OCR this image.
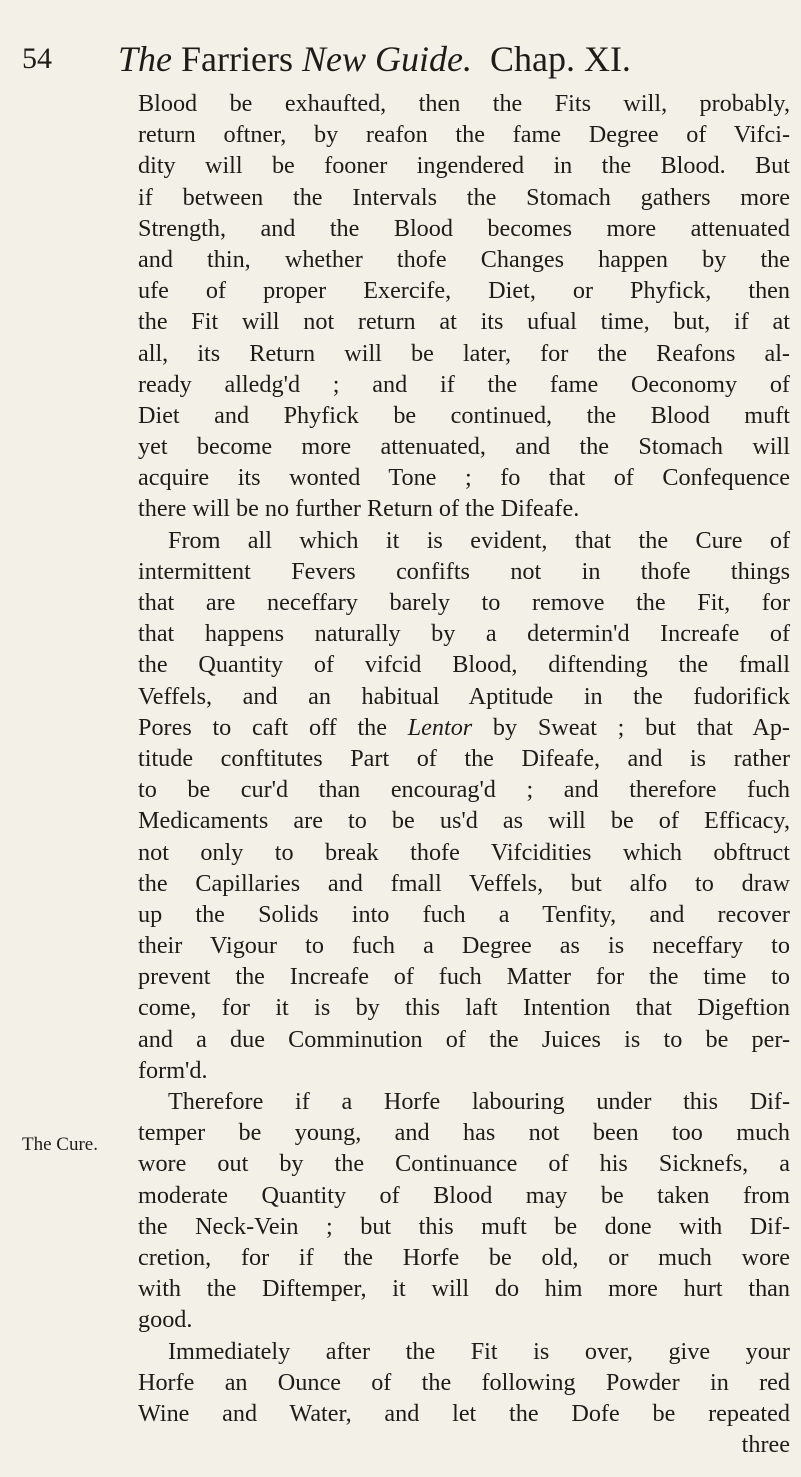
54 The Farriers New Guide. Chap. XI.
The Cure.
Blood be exhaufted, then the Fits will, probably,
return oftner, by reafon the fame Degree of Vifci-
dity will be fooner ingendered in the Blood. But
if between the Intervals the Stomach gathers more
Strength, and the Blood becomes more attenuated
and thin, whether thofe Changes happen by the
ufe of proper Exercife, Diet, or Phyfick, then
the Fit will not return at its ufual time, but, if at
all, its Return will be later, for the Reafons al-
ready alledg'd ; and if the fame Oeconomy of
Diet and Phyfick be continued, the Blood muft
yet become more attenuated, and the Stomach will
acquire its wonted Tone ; fo that of Confequence
there will be no further Return of the Difeafe.
From all which it is evident, that the Cure of
intermittent Fevers confifts not in thofe things
that are neceffary barely to remove the Fit, for
that happens naturally by a determin'd Increafe of
the Quantity of vifcid Blood, diftending the fmall
Veffels, and an habitual Aptitude in the fudorifick
Pores to caft off the Lentor by Sweat ; but that Ap-
titude conftitutes Part of the Difeafe, and is rather
to be cur'd than encourag'd ; and therefore fuch
Medicaments are to be us'd as will be of Efficacy,
not only to break thofe Vifcidities which obftruct
the Capillaries and fmall Veffels, but alfo to draw
up the Solids into fuch a Tenfity, and recover
their Vigour to fuch a Degree as is neceffary to
prevent the Increafe of fuch Matter for the time to
come, for it is by this laft Intention that Digeftion
and a due Comminution of the Juices is to be per-
form'd.
Therefore if a Horfe labouring under this Dif-
temper be young, and has not been too much
wore out by the Continuance of his Sicknefs, a
moderate Quantity of Blood may be taken from
the Neck-Vein ; but this muft be done with Dif-
cretion, for if the Horfe be old, or much wore
with the Diftemper, it will do him more hurt than
good.
Immediately after the Fit is over, give your
Horfe an Ounce of the following Powder in red
Wine and Water, and let the Dofe be repeated
three
